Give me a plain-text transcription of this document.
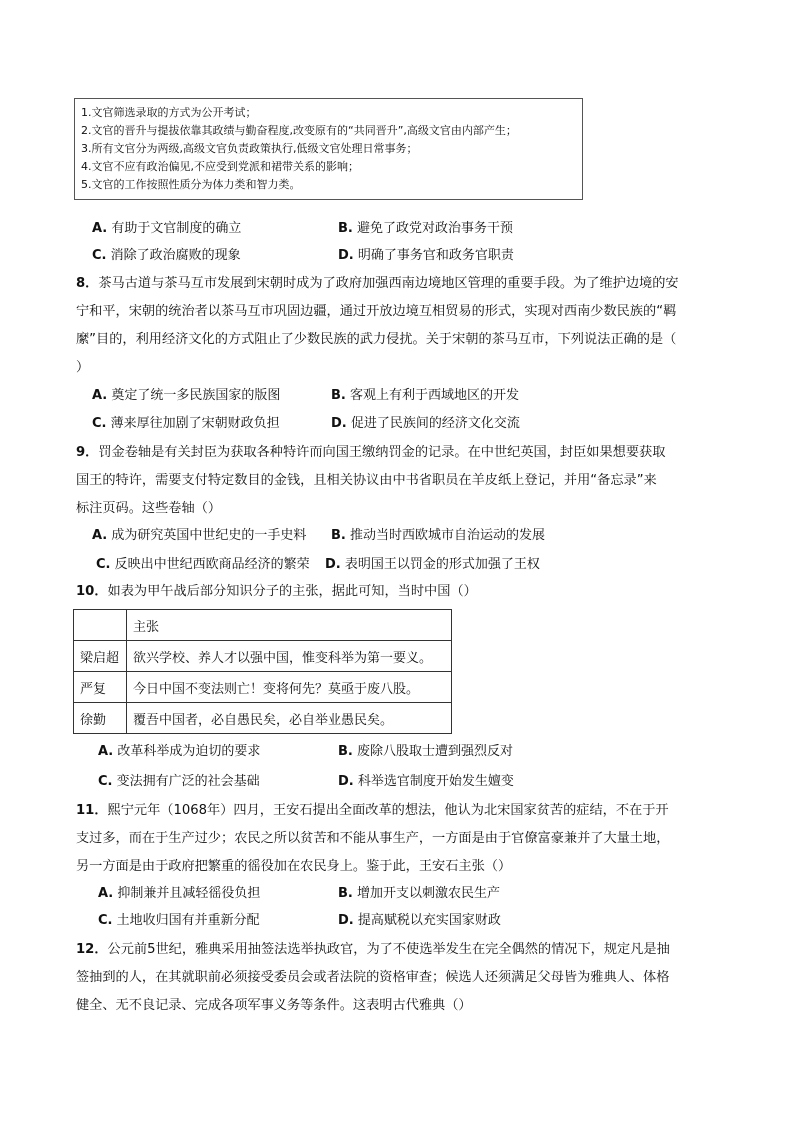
1.文官筛选录取的方式为公开考试；
2.文官的晋升与提拔依靠其政绩与勤奋程度,改变原有的“共同晋升”,高级文官由内部产生；
3.所有文官分为两级,高级文官负责政策执行,低级文官处理日常事务；
4.文官不应有政治偏见,不应受到党派和裙带关系的影响；
5.文官的工作按照性质分为体力类和智力类。
A. 有助于文官制度的确立	B. 避免了政党对政治事务干预
C. 消除了政治腐败的现象	D. 明确了事务官和政务官职责
8．茶马古道与茶马互市发展到宋朝时成为了政府加强西南边境地区管理的重要手段。为了维护边境的安
宁和平，宋朝的统治者以茶马互市巩固边疆，通过开放边境互相贸易的形式，实现对西南少数民族的“羁
縻”目的，利用经济文化的方式阻止了少数民族的武力侵扰。关于宋朝的茶马互市，下列说法正确的是（
）
A. 奠定了统一多民族国家的版图	B. 客观上有利于西域地区的开发
C. 薄来厚往加剧了宋朝财政负担	D. 促进了民族间的经济文化交流
9．罚金卷轴是有关封臣为获取各种特许而向国王缴纳罚金的记录。在中世纪英国，封臣如果想要获取
国王的特许，需要支付特定数目的金钱，且相关协议由中书省职员在羊皮纸上登记，并用“备忘录”来
标注页码。这些卷轴（）
A. 成为研究英国中世纪史的一手史料 B. 推动当时西欧城市自治运动的发展
C. 反映出中世纪西欧商品经济的繁荣 D. 表明国王以罚金的形式加强了王权
10．如表为甲午战后部分知识分子的主张，据此可知，当时中国（）
	主张
梁启超	欲兴学校、养人才以强中国，惟变科举为第一要义。
严复	今日中国不变法则亡！变将何先？莫亟于废八股。
徐勤	覆吾中国者，必自愚民矣，必自举业愚民矣。
A. 改革科举成为迫切的要求	B. 废除八股取士遭到强烈反对
C. 变法拥有广泛的社会基础	D. 科举选官制度开始发生嬗变
11．熙宁元年（1068年）四月，王安石提出全面改革的想法，他认为北宋国家贫苦的症结，不在于开
支过多，而在于生产过少；农民之所以贫苦和不能从事生产，一方面是由于官僚富豪兼并了大量土地，
另一方面是由于政府把繁重的徭役加在农民身上。鉴于此，王安石主张（）
A. 抑制兼并且减轻徭役负担	B. 增加开支以刺激农民生产
C. 土地收归国有并重新分配	D. 提高赋税以充实国家财政
12．公元前5世纪，雅典采用抽签法选举执政官，为了不使选举发生在完全偶然的情况下，规定凡是抽
签抽到的人，在其就职前必须接受委员会或者法院的资格审查；候选人还须满足父母皆为雅典人、体格
健全、无不良记录、完成各项军事义务等条件。这表明古代雅典（）
